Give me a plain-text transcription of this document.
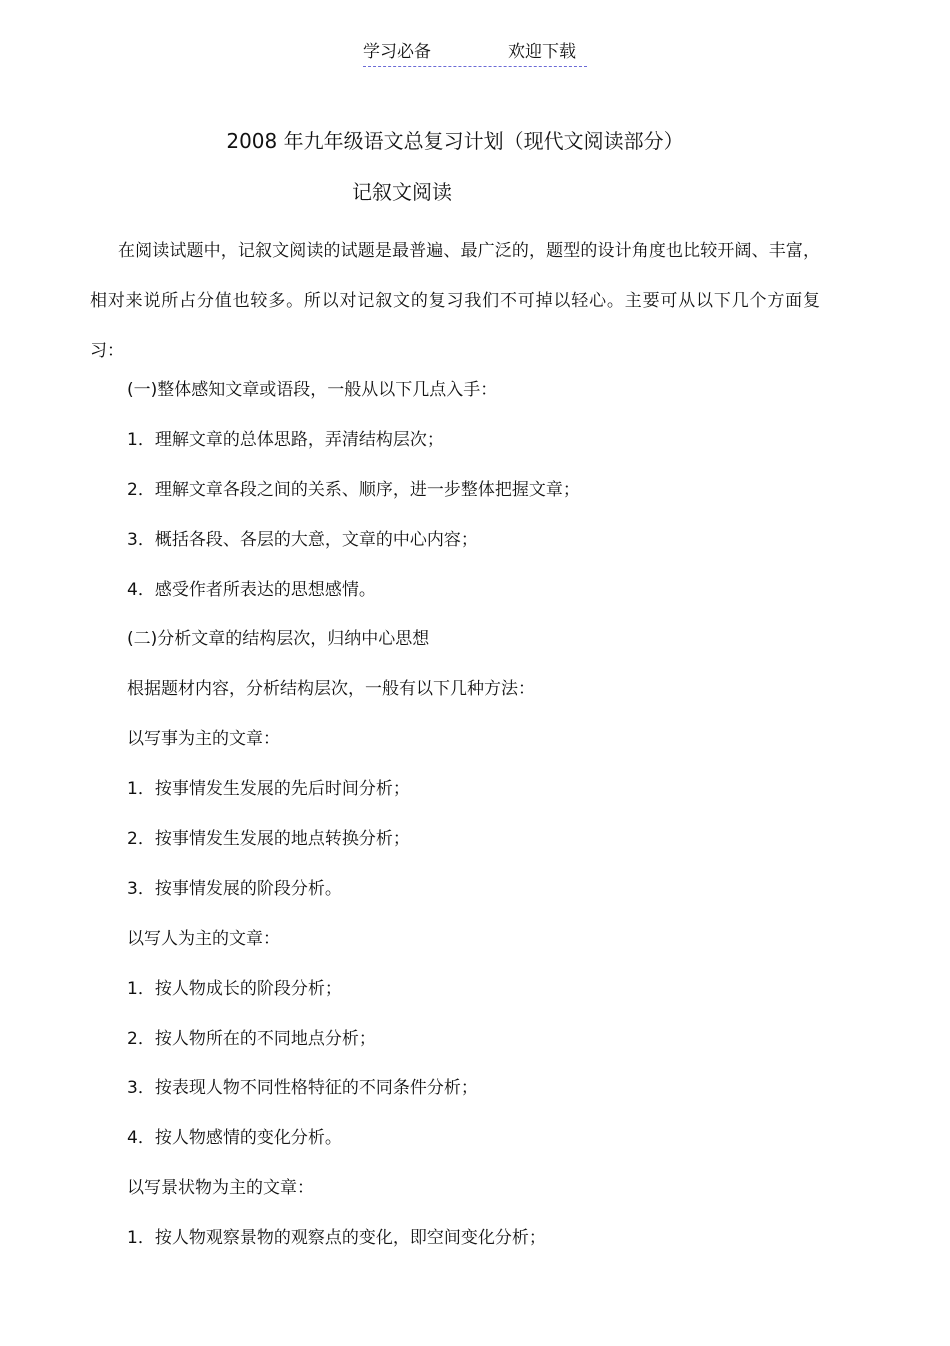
学习必备	欢迎下载
2008 年九年级语文总复习计划（现代文阅读部分）
记叙文阅读

在阅读试题中，记叙文阅读的试题是最普遍、最广泛的，题型的设计角度也比较开阔、丰富，相对来说所占分值也较多。所以对记叙文的复习我们不可掉以轻心。主要可从以下几个方面复习：

(一)整体感知文章或语段，一般从以下几点入手：
1．理解文章的总体思路，弄清结构层次；
2．理解文章各段之间的关系、顺序，进一步整体把握文章；
3．概括各段、各层的大意，文章的中心内容；
4．感受作者所表达的思想感情。
(二)分析文章的结构层次，归纳中心思想
根据题材内容，分析结构层次，一般有以下几种方法：
以写事为主的文章：
1．按事情发生发展的先后时间分析；
2．按事情发生发展的地点转换分析；
3．按事情发展的阶段分析。
以写人为主的文章：
1．按人物成长的阶段分析；
2．按人物所在的不同地点分析；
3．按表现人物不同性格特征的不同条件分析；
4．按人物感情的变化分析。
以写景状物为主的文章：
1．按人物观察景物的观察点的变化，即空间变化分析；
